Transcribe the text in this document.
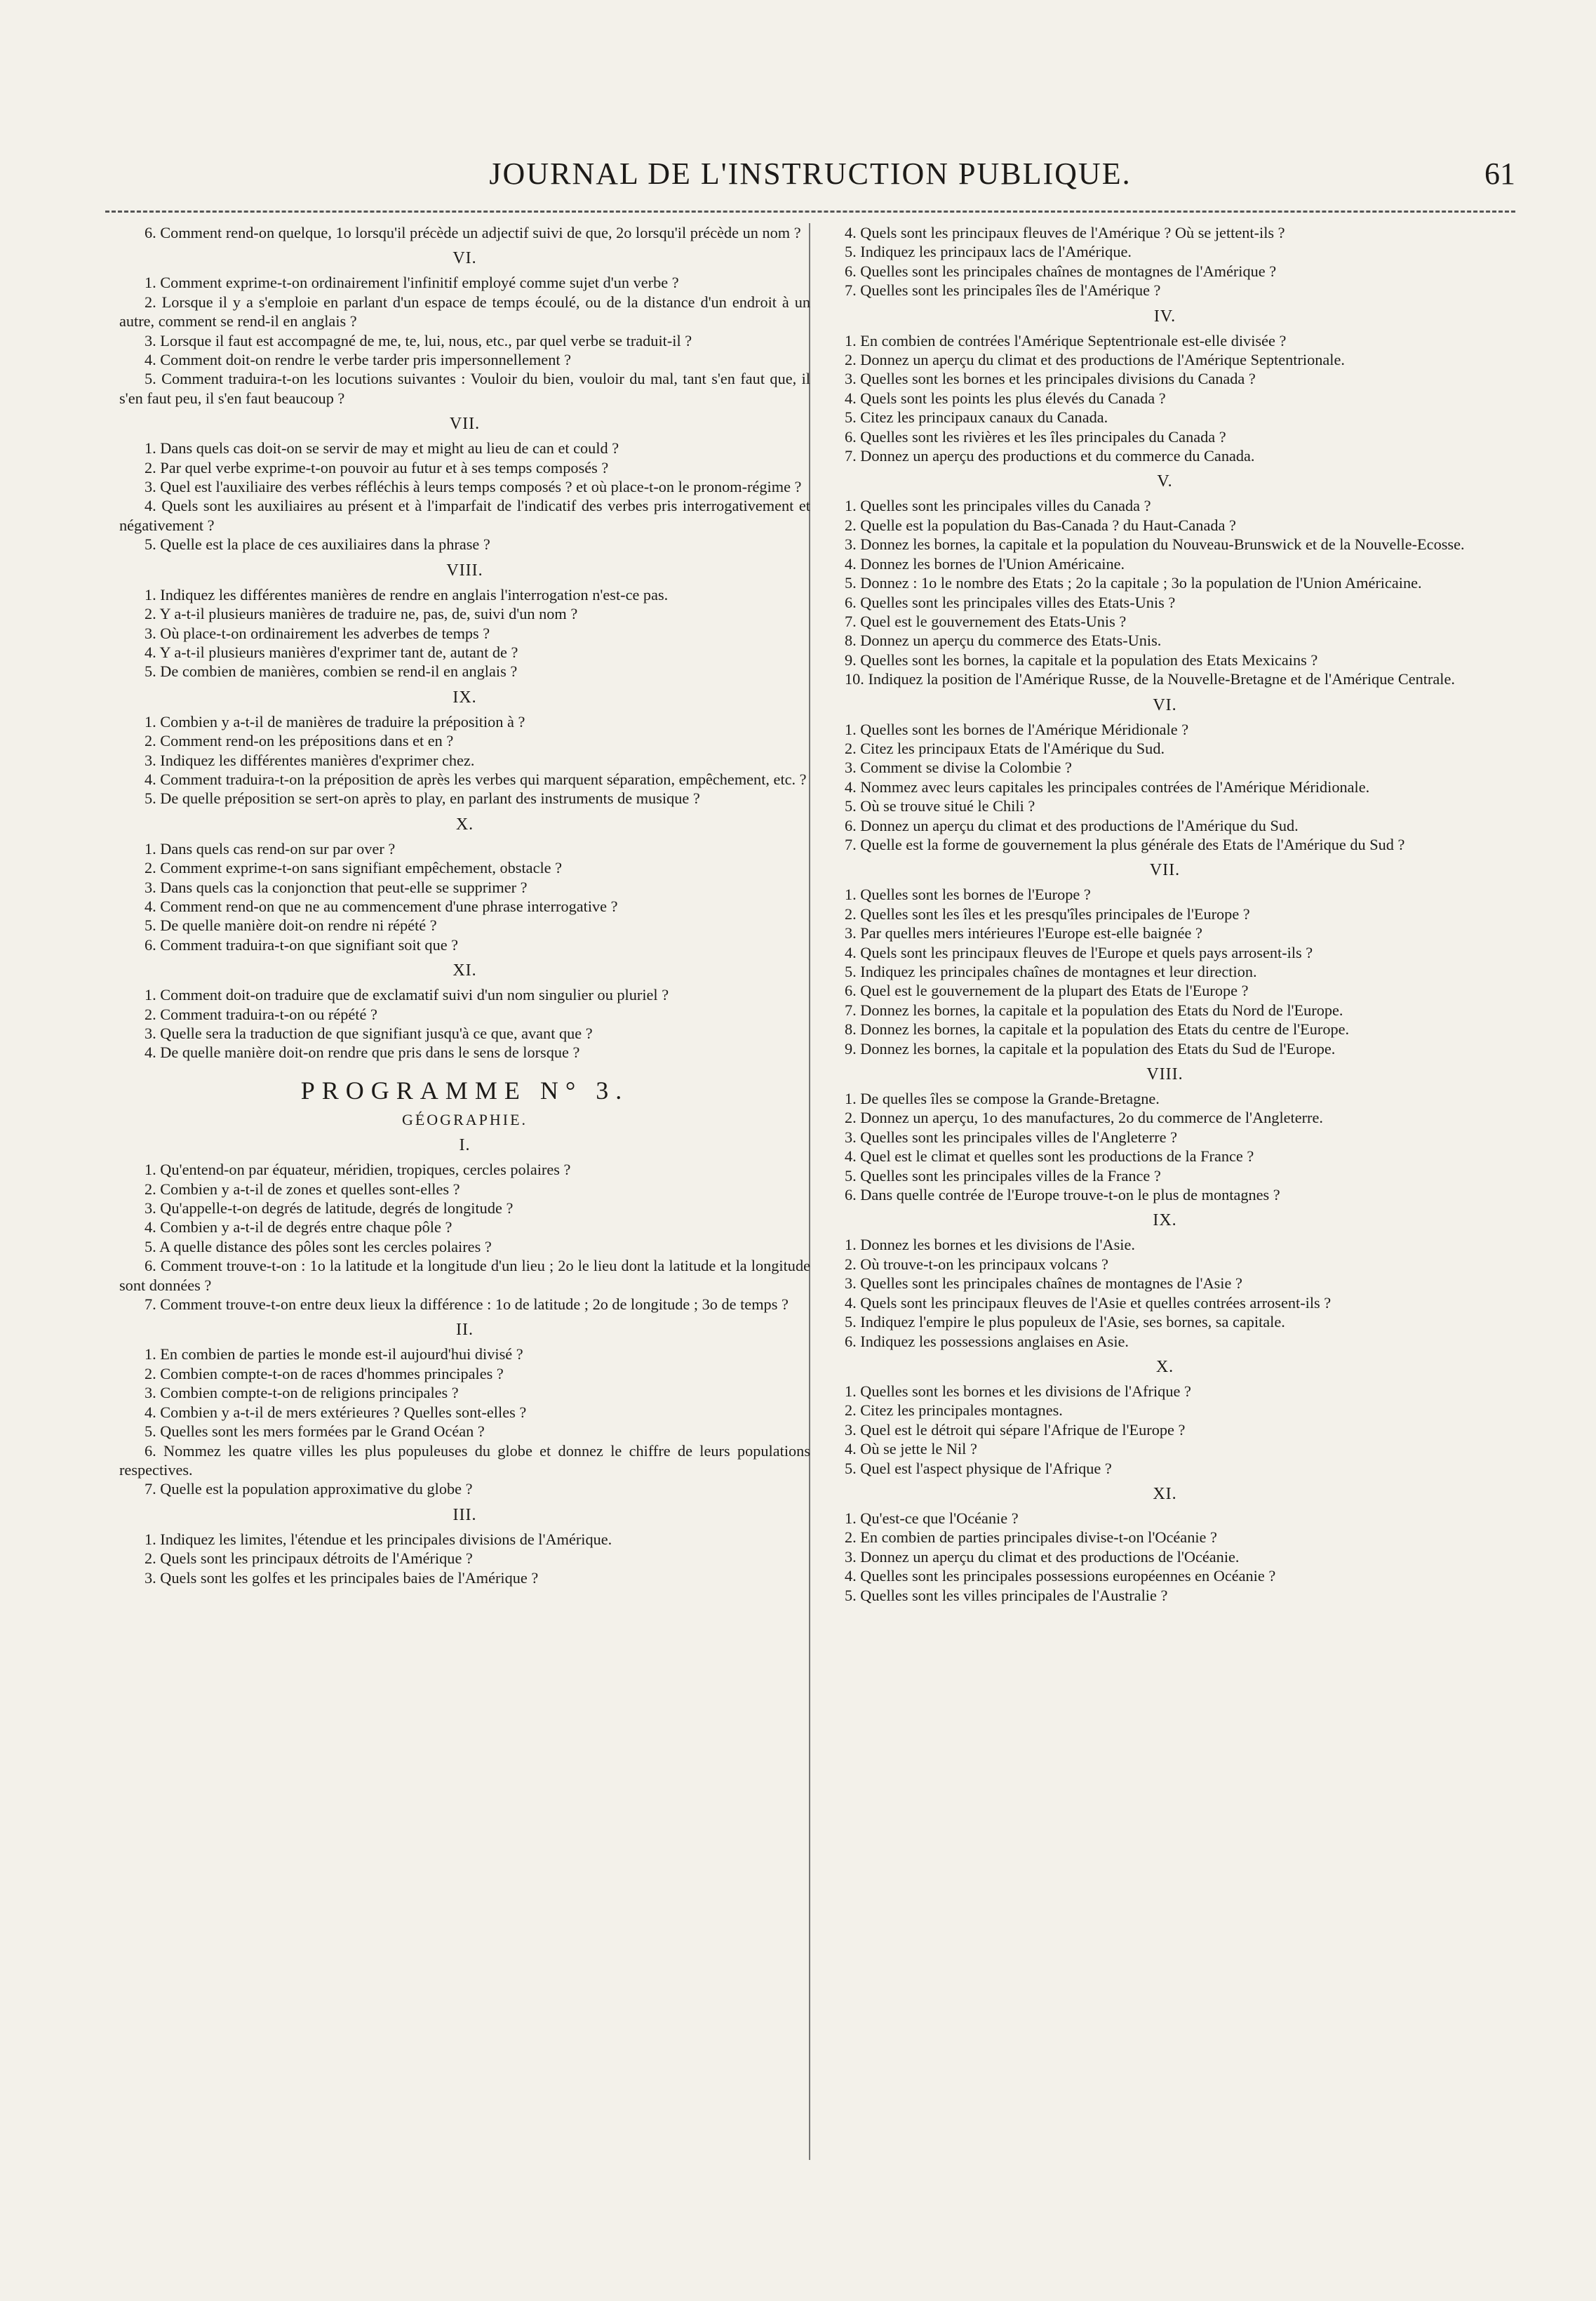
JOURNAL DE L'INSTRUCTION PUBLIQUE.	61

6. Comment rend-on quelque, 1o lorsqu'il précède un adjectif suivi de que, 2o lorsqu'il précède un nom ?

VI.

1. Comment exprime-t-on ordinairement l'infinitif employé comme sujet d'un verbe ?

2. Lorsque il y a s'emploie en parlant d'un espace de temps écoulé, ou de la distance d'un endroit à un autre, comment se rend-il en anglais ?

3. Lorsque il faut est accompagné de me, te, lui, nous, etc., par quel verbe se traduit-il ?

4. Comment doit-on rendre le verbe tarder pris impersonnellement ?

5. Comment traduira-t-on les locutions suivantes : Vouloir du bien, vouloir du mal, tant s'en faut que, il s'en faut peu, il s'en faut beaucoup ?

VII.

1. Dans quels cas doit-on se servir de may et might au lieu de can et could ?

2. Par quel verbe exprime-t-on pouvoir au futur et à ses temps composés ?

3. Quel est l'auxiliaire des verbes réfléchis à leurs temps composés ? et où place-t-on le pronom-régime ?

4. Quels sont les auxiliaires au présent et à l'imparfait de l'indicatif des verbes pris interrogativement et négativement ?

5. Quelle est la place de ces auxiliaires dans la phrase ?

VIII.

1. Indiquez les différentes manières de rendre en anglais l'interrogation n'est-ce pas.

2. Y a-t-il plusieurs manières de traduire ne, pas, de, suivi d'un nom ?

3. Où place-t-on ordinairement les adverbes de temps ?

4. Y a-t-il plusieurs manières d'exprimer tant de, autant de ?

5. De combien de manières, combien se rend-il en anglais ?

IX.

1. Combien y a-t-il de manières de traduire la préposition à ?

2. Comment rend-on les prépositions dans et en ?

3. Indiquez les différentes manières d'exprimer chez.

4. Comment traduira-t-on la préposition de après les verbes qui marquent séparation, empêchement, etc. ?

5. De quelle préposition se sert-on après to play, en parlant des instruments de musique ?

X.

1. Dans quels cas rend-on sur par over ?

2. Comment exprime-t-on sans signifiant empêchement, obstacle ?

3. Dans quels cas la conjonction that peut-elle se supprimer ?

4. Comment rend-on que ne au commencement d'une phrase interrogative ?

5. De quelle manière doit-on rendre ni répété ?

6. Comment traduira-t-on que signifiant soit que ?

XI.

1. Comment doit-on traduire que de exclamatif suivi d'un nom singulier ou pluriel ?

2. Comment traduira-t-on ou répété ?

3. Quelle sera la traduction de que signifiant jusqu'à ce que, avant que ?

4. De quelle manière doit-on rendre que pris dans le sens de lorsque ?

PROGRAMME N° 3.
GÉOGRAPHIE.
I.

1. Qu'entend-on par équateur, méridien, tropiques, cercles polaires ?

2. Combien y a-t-il de zones et quelles sont-elles ?

3. Qu'appelle-t-on degrés de latitude, degrés de longitude ?

4. Combien y a-t-il de degrés entre chaque pôle ?

5. A quelle distance des pôles sont les cercles polaires ?

6. Comment trouve-t-on : 1o la latitude et la longitude d'un lieu ; 2o le lieu dont la latitude et la longitude sont données ?

7. Comment trouve-t-on entre deux lieux la différence : 1o de latitude ; 2o de longitude ; 3o de temps ?

II.

1. En combien de parties le monde est-il aujourd'hui divisé ?

2. Combien compte-t-on de races d'hommes principales ?

3. Combien compte-t-on de religions principales ?

4. Combien y a-t-il de mers extérieures ? Quelles sont-elles ?

5. Quelles sont les mers formées par le Grand Océan ?

6. Nommez les quatre villes les plus populeuses du globe et donnez le chiffre de leurs populations respectives.

7. Quelle est la population approximative du globe ?

III.

1. Indiquez les limites, l'étendue et les principales divisions de l'Amérique.

2. Quels sont les principaux détroits de l'Amérique ?

3. Quels sont les golfes et les principales baies de l'Amérique ?

4. Quels sont les principaux fleuves de l'Amérique ? Où se jettent-ils ?

5. Indiquez les principaux lacs de l'Amérique.

6. Quelles sont les principales chaînes de montagnes de l'Amérique ?

7. Quelles sont les principales îles de l'Amérique ?

IV.

1. En combien de contrées l'Amérique Septentrionale est-elle divisée ?

2. Donnez un aperçu du climat et des productions de l'Amérique Septentrionale.

3. Quelles sont les bornes et les principales divisions du Canada ?

4. Quels sont les points les plus élevés du Canada ?

5. Citez les principaux canaux du Canada.

6. Quelles sont les rivières et les îles principales du Canada ?

7. Donnez un aperçu des productions et du commerce du Canada.

V.

1. Quelles sont les principales villes du Canada ?

2. Quelle est la population du Bas-Canada ? du Haut-Canada ?

3. Donnez les bornes, la capitale et la population du Nouveau-Brunswick et de la Nouvelle-Ecosse.

4. Donnez les bornes de l'Union Américaine.

5. Donnez : 1o le nombre des Etats ; 2o la capitale ; 3o la population de l'Union Américaine.

6. Quelles sont les principales villes des Etats-Unis ?

7. Quel est le gouvernement des Etats-Unis ?

8. Donnez un aperçu du commerce des Etats-Unis.

9. Quelles sont les bornes, la capitale et la population des Etats Mexicains ?

10. Indiquez la position de l'Amérique Russe, de la Nouvelle-Bretagne et de l'Amérique Centrale.

VI.

1. Quelles sont les bornes de l'Amérique Méridionale ?

2. Citez les principaux Etats de l'Amérique du Sud.

3. Comment se divise la Colombie ?

4. Nommez avec leurs capitales les principales contrées de l'Amérique Méridionale.

5. Où se trouve situé le Chili ?

6. Donnez un aperçu du climat et des productions de l'Amérique du Sud.

7. Quelle est la forme de gouvernement la plus générale des Etats de l'Amérique du Sud ?

VII.

1. Quelles sont les bornes de l'Europe ?

2. Quelles sont les îles et les presqu'îles principales de l'Europe ?

3. Par quelles mers intérieures l'Europe est-elle baignée ?

4. Quels sont les principaux fleuves de l'Europe et quels pays arrosent-ils ?

5. Indiquez les principales chaînes de montagnes et leur direction.

6. Quel est le gouvernement de la plupart des Etats de l'Europe ?

7. Donnez les bornes, la capitale et la population des Etats du Nord de l'Europe.

8. Donnez les bornes, la capitale et la population des Etats du centre de l'Europe.

9. Donnez les bornes, la capitale et la population des Etats du Sud de l'Europe.

VIII.

1. De quelles îles se compose la Grande-Bretagne.

2. Donnez un aperçu, 1o des manufactures, 2o du commerce de l'Angleterre.

3. Quelles sont les principales villes de l'Angleterre ?

4. Quel est le climat et quelles sont les productions de la France ?

5. Quelles sont les principales villes de la France ?

6. Dans quelle contrée de l'Europe trouve-t-on le plus de montagnes ?

IX.

1. Donnez les bornes et les divisions de l'Asie.

2. Où trouve-t-on les principaux volcans ?

3. Quelles sont les principales chaînes de montagnes de l'Asie ?

4. Quels sont les principaux fleuves de l'Asie et quelles contrées arrosent-ils ?

5. Indiquez l'empire le plus populeux de l'Asie, ses bornes, sa capitale.

6. Indiquez les possessions anglaises en Asie.

X.

1. Quelles sont les bornes et les divisions de l'Afrique ?

2. Citez les principales montagnes.

3. Quel est le détroit qui sépare l'Afrique de l'Europe ?

4. Où se jette le Nil ?

5. Quel est l'aspect physique de l'Afrique ?

XI.

1. Qu'est-ce que l'Océanie ?

2. En combien de parties principales divise-t-on l'Océanie ?

3. Donnez un aperçu du climat et des productions de l'Océanie.

4. Quelles sont les principales possessions européennes en Océanie ?

5. Quelles sont les villes principales de l'Australie ?
